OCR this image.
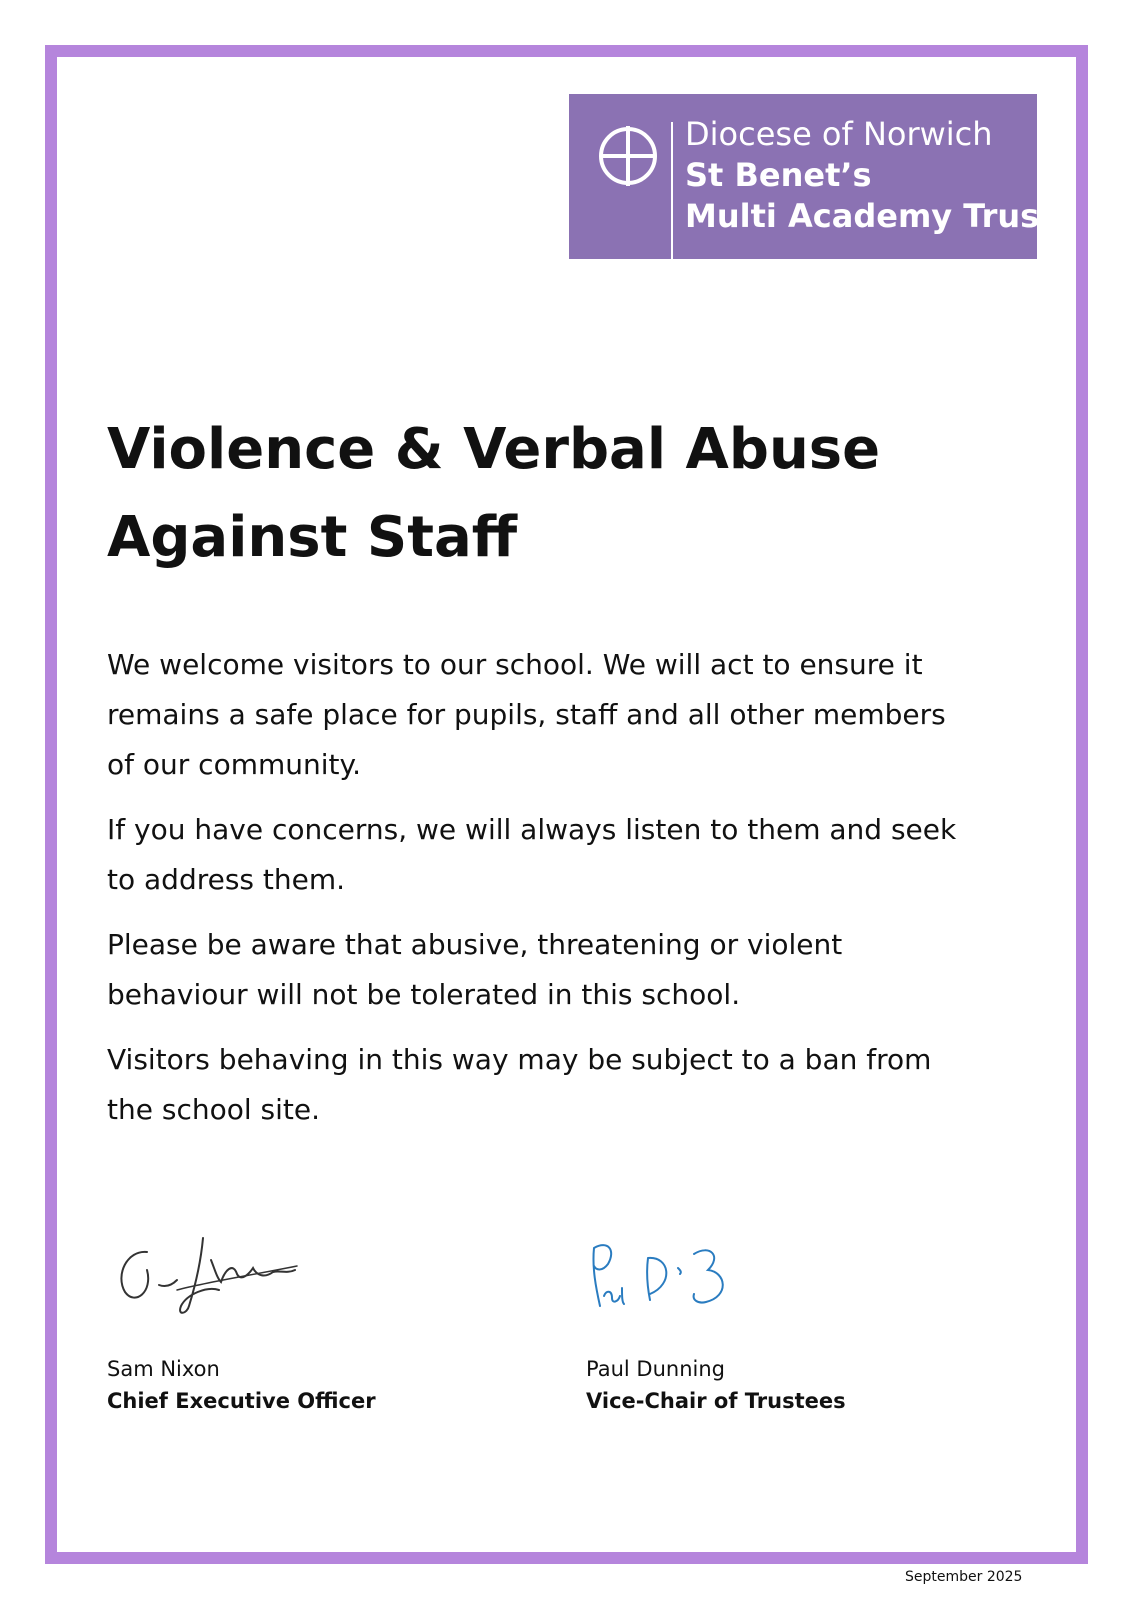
Diocese of Norwich
St Benet’s
Multi Academy Trust
Violence & Verbal Abuse
Against Staff

We welcome visitors to our school. We will act to ensure it
remains a safe place for pupils, staff and all other members
of our community.

If you have concerns, we will always listen to them and seek
to address them.

Please be aware that abusive, threatening or violent
behaviour will not be tolerated in this school.

Visitors behaving in this way may be subject to a ban from
the school site.

Sam Nixon
Chief Executive Officer
Paul Dunning
Vice-Chair of Trustees
September 2025
